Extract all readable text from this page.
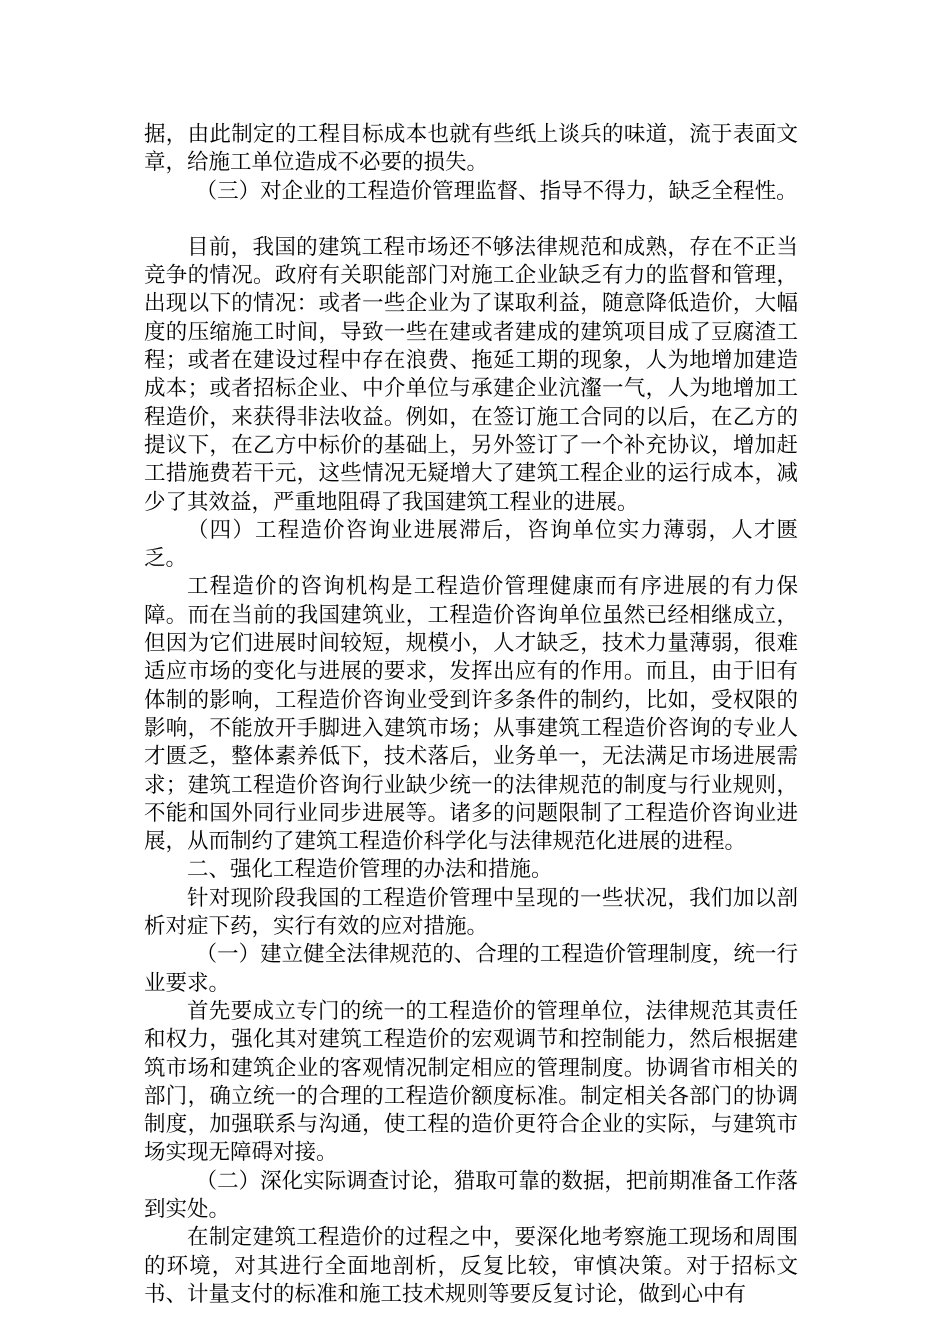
据，由此制定的工程目标成本也就有些纸上谈兵的味道，流于表面文章，给施工单位造成不必要的损失。

（三）对企业的工程造价管理监督、指导不得力，缺乏全程性。

目前，我国的建筑工程市场还不够法律规范和成熟，存在不正当竞争的情况。政府有关职能部门对施工企业缺乏有力的监督和管理，出现以下的情况：或者一些企业为了谋取利益，随意降低造价，大幅度的压缩施工时间，导致一些在建或者建成的建筑项目成了豆腐渣工程；或者在建设过程中存在浪费、拖延工期的现象，人为地增加建造成本；或者招标企业、中介单位与承建企业沆瀣一气，人为地增加工程造价，来获得非法收益。例如，在签订施工合同的以后，在乙方的提议下，在乙方中标价的基础上，另外签订了一个补充协议，增加赶工措施费若干元，这些情况无疑增大了建筑工程企业的运行成本，减少了其效益，严重地阻碍了我国建筑工程业的进展。

（四）工程造价咨询业进展滞后，咨询单位实力薄弱，人才匮乏。

工程造价的咨询机构是工程造价管理健康而有序进展的有力保障。而在当前的我国建筑业，工程造价咨询单位虽然已经相继成立，但因为它们进展时间较短，规模小，人才缺乏，技术力量薄弱，很难适应市场的变化与进展的要求，发挥出应有的作用。而且，由于旧有体制的影响，工程造价咨询业受到许多条件的制约，比如，受权限的影响，不能放开手脚进入建筑市场；从事建筑工程造价咨询的专业人才匮乏，整体素养低下，技术落后，业务单一，无法满足市场进展需求；建筑工程造价咨询行业缺少统一的法律规范的制度与行业规则，不能和国外同行业同步进展等。诸多的问题限制了工程造价咨询业进展，从而制约了建筑工程造价科学化与法律规范化进展的进程。

二、强化工程造价管理的办法和措施。

针对现阶段我国的工程造价管理中呈现的一些状况，我们加以剖析对症下药，实行有效的应对措施。

（一）建立健全法律规范的、合理的工程造价管理制度，统一行业要求。

首先要成立专门的统一的工程造价的管理单位，法律规范其责任和权力，强化其对建筑工程造价的宏观调节和控制能力，然后根据建筑市场和建筑企业的客观情况制定相应的管理制度。协调省市相关的部门，确立统一的合理的工程造价额度标准。制定相关各部门的协调制度，加强联系与沟通，使工程的造价更符合企业的实际，与建筑市场实现无障碍对接。

（二）深化实际调查讨论，猎取可靠的数据，把前期准备工作落到实处。

在制定建筑工程造价的过程之中，要深化地考察施工现场和周围的环境，对其进行全面地剖析，反复比较，审慎决策。对于招标文书、计量支付的标准和施工技术规则等要反复讨论，做到心中有
